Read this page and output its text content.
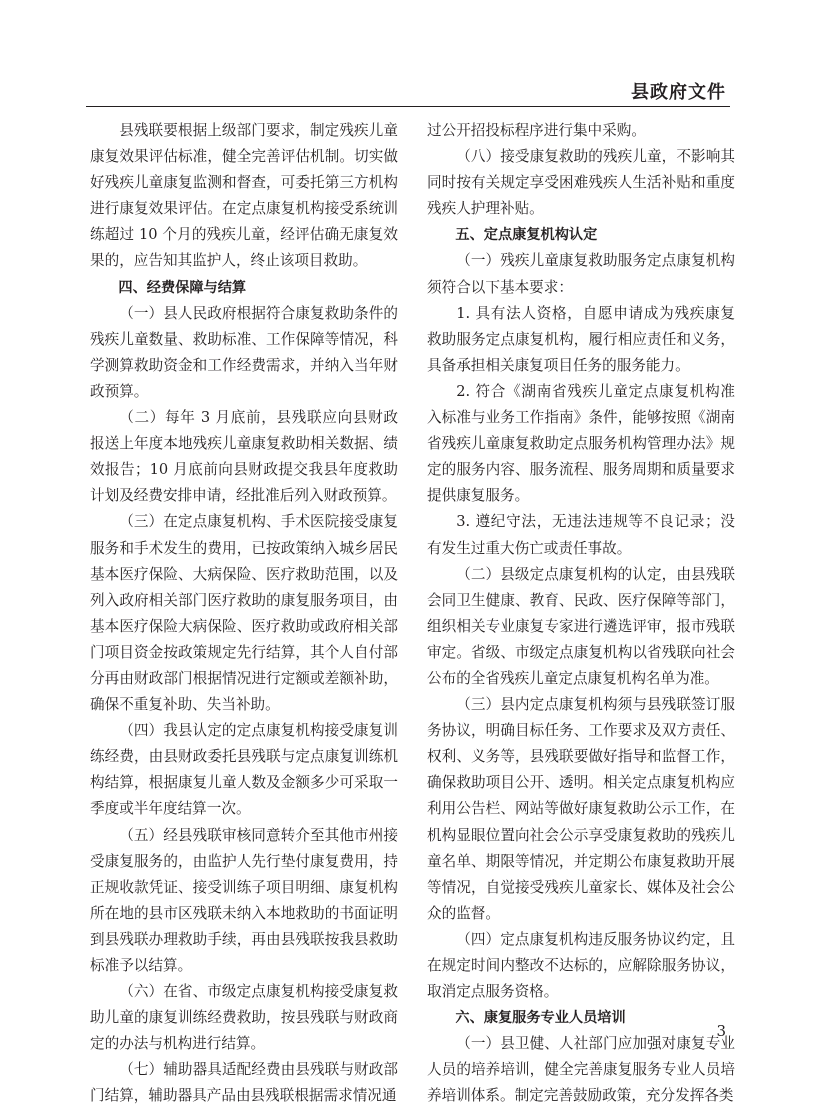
县政府文件

县残联要根据上级部门要求，制定残疾儿童康复效果评估标准，健全完善评估机制。切实做好残疾儿童康复监测和督查，可委托第三方机构进行康复效果评估。在定点康复机构接受系统训练超过 10 个月的残疾儿童，经评估确无康复效果的，应告知其监护人，终止该项目救助。

四、经费保障与结算

（一）县人民政府根据符合康复救助条件的残疾儿童数量、救助标准、工作保障等情况，科学测算救助资金和工作经费需求，并纳入当年财政预算。

（二）每年 3 月底前，县残联应向县财政报送上年度本地残疾儿童康复救助相关数据、绩效报告；10 月底前向县财政提交我县年度救助计划及经费安排申请，经批准后列入财政预算。

（三）在定点康复机构、手术医院接受康复服务和手术发生的费用，已按政策纳入城乡居民基本医疗保险、大病保险、医疗救助范围，以及列入政府相关部门医疗救助的康复服务项目，由基本医疗保险大病保险、医疗救助或政府相关部门项目资金按政策规定先行结算，其个人自付部分再由财政部门根据情况进行定额或差额补助，确保不重复补助、失当补助。

（四）我县认定的定点康复机构接受康复训练经费，由县财政委托县残联与定点康复训练机构结算，根据康复儿童人数及金额多少可采取一季度或半年度结算一次。

（五）经县残联审核同意转介至其他市州接受康复服务的，由监护人先行垫付康复费用，持正规收款凭证、接受训练子项目明细、康复机构所在地的县市区残联未纳入本地救助的书面证明到县残联办理救助手续，再由县残联按我县救助标准予以结算。

（六）在省、市级定点康复机构接受康复救助儿童的康复训练经费救助，按县残联与财政商定的办法与机构进行结算。

（七）辅助器具适配经费由县残联与财政部门结算，辅助器具产品由县残联根据需求情况通

过公开招投标程序进行集中采购。

（八）接受康复救助的残疾儿童，不影响其同时按有关规定享受困难残疾人生活补贴和重度残疾人护理补贴。

五、定点康复机构认定

（一）残疾儿童康复救助服务定点康复机构须符合以下基本要求：

1. 具有法人资格，自愿申请成为残疾康复救助服务定点康复机构，履行相应责任和义务，具备承担相关康复项目任务的服务能力。

2. 符合《湖南省残疾儿童定点康复机构准入标准与业务工作指南》条件，能够按照《湖南省残疾儿童康复救助定点服务机构管理办法》规定的服务内容、服务流程、服务周期和质量要求提供康复服务。

3. 遵纪守法，无违法违规等不良记录；没有发生过重大伤亡或责任事故。

（二）县级定点康复机构的认定，由县残联会同卫生健康、教育、民政、医疗保障等部门，组织相关专业康复专家进行遴选评审，报市残联审定。省级、市级定点康复机构以省残联向社会公布的全省残疾儿童定点康复机构名单为准。

（三）县内定点康复机构须与县残联签订服务协议，明确目标任务、工作要求及双方责任、权利、义务等，县残联要做好指导和监督工作，确保救助项目公开、透明。相关定点康复机构应利用公告栏、网站等做好康复救助公示工作，在机构显眼位置向社会公示享受康复救助的残疾儿童名单、期限等情况，并定期公布康复救助开展等情况，自觉接受残疾儿童家长、媒体及社会公众的监督。

（四）定点康复机构违反服务协议约定，且在规定时间内整改不达标的，应解除服务协议，取消定点服务资格。

六、康复服务专业人员培训

（一）县卫健、人社部门应加强对康复专业人员的培养培训，健全完善康复服务专业人员培养培训体系。制定完善鼓励政策，充分发挥各类

3
